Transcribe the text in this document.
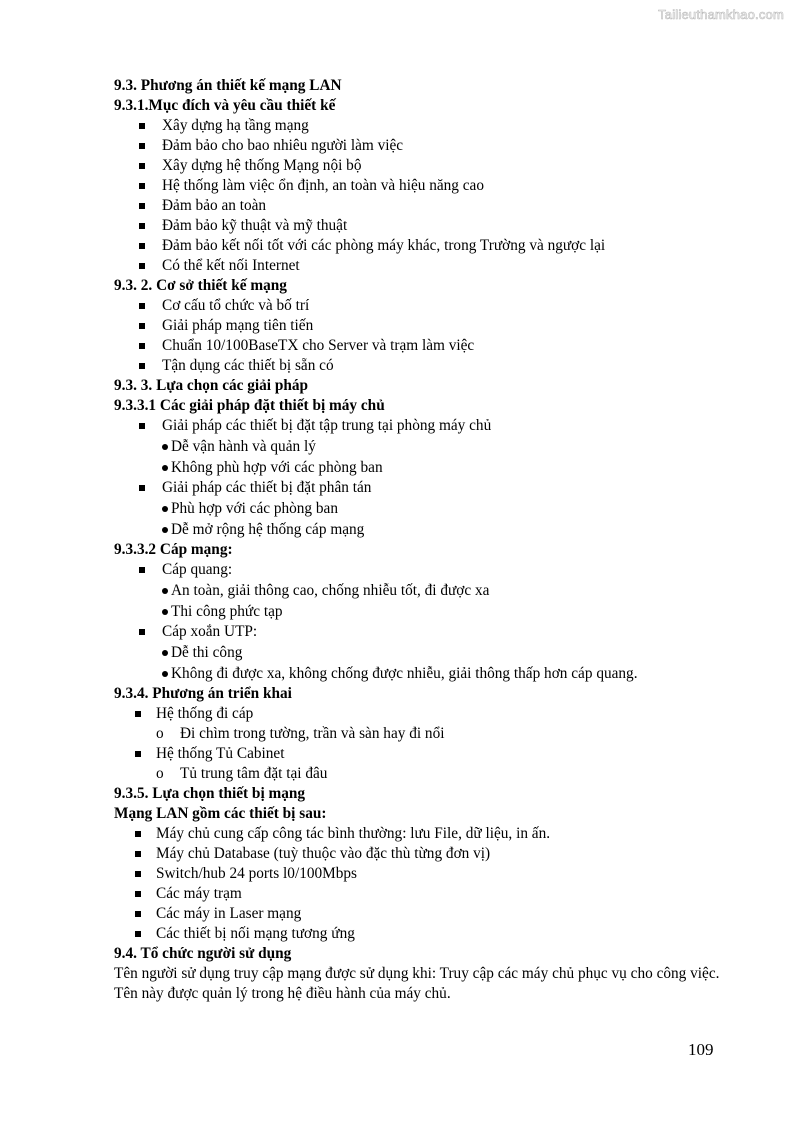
Tailieuthamkhao.com
9.3. Phương án thiết kế mạng LAN
9.3.1.Mục đích và yêu cầu thiết kế
Xây dựng hạ tầng mạng
Đảm bảo cho bao nhiêu người làm việc
Xây dựng hệ thống Mạng nội bộ
Hệ thống làm việc ổn định, an toàn và hiệu năng cao
Đảm bảo an toàn
Đảm bảo kỹ thuật và mỹ thuật
Đảm bảo kết nối tốt với các phòng máy khác, trong Trường và ngược lại
Có thể kết nối Internet
9.3. 2. Cơ sở thiết kế mạng
Cơ cấu tổ chức và bố trí
Giải pháp mạng tiên tiến
Chuẩn 10/100BaseTX cho Server và trạm làm việc
Tận dụng các thiết bị sẵn có
9.3. 3. Lựa chọn các giải pháp
9.3.3.1 Các giải pháp đặt thiết bị máy chủ
Giải pháp các thiết bị đặt tập trung tại phòng máy chủ
Dễ vận hành và quản lý
Không phù hợp với các phòng ban
Giải pháp các thiết bị đặt phân tán
Phù hợp với các phòng ban
Dễ mở rộng hệ thống cáp mạng
9.3.3.2 Cáp mạng:
Cáp quang:
An toàn, giải thông cao, chống nhiễu tốt, đi được xa
Thi công phức tạp
Cáp xoắn UTP:
Dễ thi công
Không đi được xa, không chống được nhiễu, giải thông thấp hơn cáp quang.
9.3.4. Phương án triển khai
Hệ thống đi cáp
o Đi chìm trong tường, trần và sàn hay đi nổi
Hệ thống Tủ Cabinet
o Tủ trung tâm đặt tại đâu
9.3.5. Lựa chọn thiết bị mạng
Mạng LAN gồm các thiết bị sau:
Máy chủ cung cấp công tác bình thường: lưu File, dữ liệu, in ấn.
Máy chủ Database (tuỳ thuộc vào đặc thù từng đơn vị)
Switch/hub 24 ports l0/100Mbps
Các máy trạm
Các máy in Laser mạng
Các thiết bị nối mạng tương ứng
9.4. Tổ chức người sử dụng
Tên người sử dụng truy cập mạng được sử dụng khi: Truy cập các máy chủ phục vụ cho công việc. Tên này được quản lý trong hệ điều hành của máy chủ.
109
